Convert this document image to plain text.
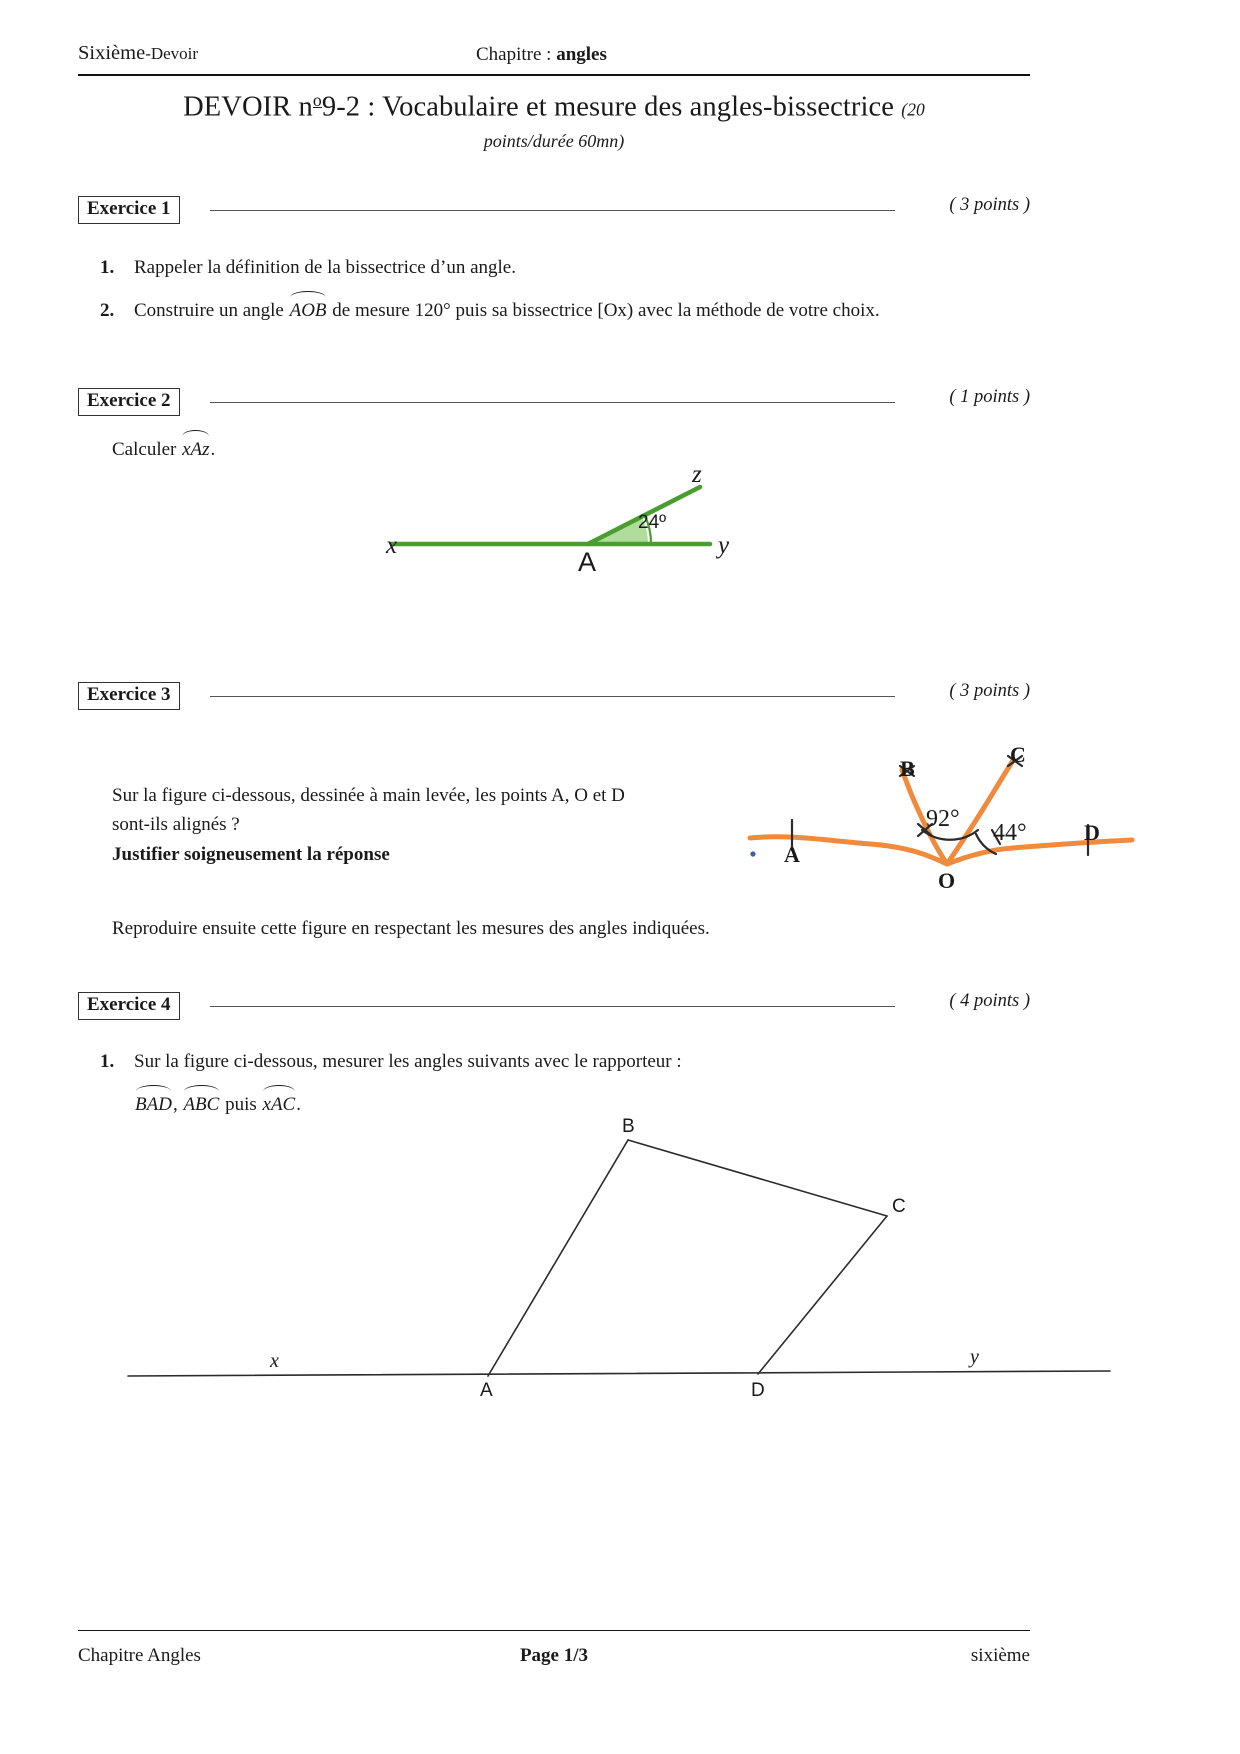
Sixième-Devoir	Chapitre : angles
DEVOIR $n^o9-2$ : Vocabulaire et mesure des angles-bissectrice (20
points/durée 60mn)
Exercice 1	( 3 points )
1. Rappeler la définition de la bissectrice d’un angle.
2. Construire un angle AOB de mesure 120° puis sa bissectrice [Ox) avec la méthode de votre choix.
Exercice 2	( 1 points )
Calculer xAz.
x	y
z
A
24º
Exercice 3	( 3 points )
Sur la figure ci-dessous, dessinée à main levée, les points A, O et D
sont-ils alignés ?
Justifier soigneusement la réponse
Reproduire ensuite cette figure en respectant les mesures des angles indiquées.
B
C
A
D
O
92°
44°
Exercice 4	( 4 points )
1. Sur la figure ci-dessous, mesurer les angles suivants avec le rapporteur :
BAD, ABC puis xAC.
B
C
A	D
x	y
Chapitre Angles	Page 1/3	sixième
